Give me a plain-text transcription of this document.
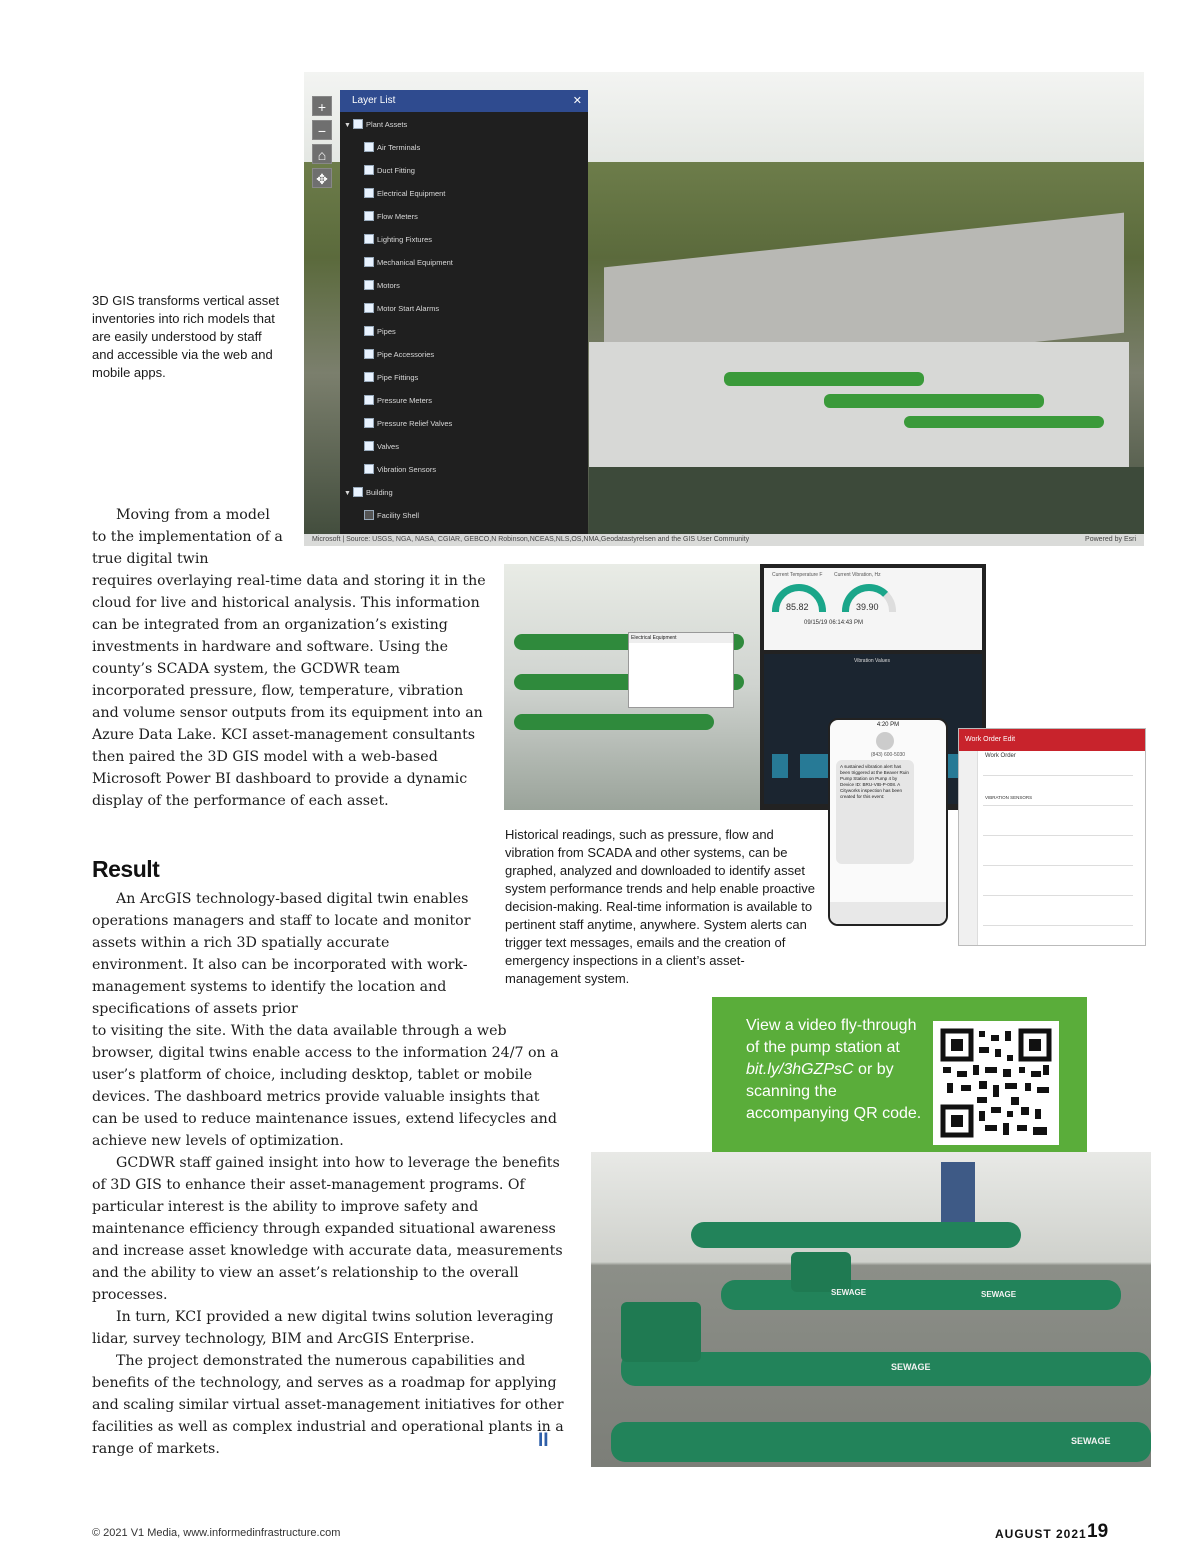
+
−
⌂
✥
Layer List	✕
▼ Plant Assets
Air Terminals
Duct Fitting
Electrical Equipment
Flow Meters
Lighting Fixtures
Mechanical Equipment
Motors
Motor Start Alarms
Pipes
Pipe Accessories
Pipe Fittings
Pressure Meters
Pressure Relief Valves
Valves
Vibration Sensors
▼ Building
Facility Shell
Microsoft | Source: USGS, NGA, NASA, CGIAR, GEBCO,N Robinson,NCEAS,NLS,OS,NMA,Geodatastyrelsen and the GIS User Community	Powered by Esri
3D GIS transforms vertical asset inventories into rich models that are easily understood by staff and accessible via the web and mobile apps.

Moving from a model to the implementation of a true digital twin

requires overlaying real-time data and storing it in the cloud for live and historical analysis. This information can be integrated from an organization’s existing investments in hardware and software. Using the county’s SCADA system, the GCDWR team incorporated pressure, flow, temperature, vibration and volume sensor outputs from its equipment into an Azure Data Lake. KCI asset-management consultants then paired the 3D GIS model with a web-based Microsoft Power BI dashboard to provide a dynamic display of the performance of each asset.

Result

An ArcGIS technology-based digital twin enables operations managers and staff to locate and monitor assets within a rich 3D spatially accurate environment. It also can be incorporated with work-management systems to identify the location and specifications of assets prior

to visiting the site. With the data available through a web browser, digital twins enable access to the information 24/7 on a user’s platform of choice, including desktop, tablet or mobile devices. The dashboard metrics provide valuable insights that can be used to reduce maintenance issues, extend lifecycles and achieve new levels of optimization.

GCDWR staff gained insight into how to leverage the benefits of 3D GIS to enhance their asset-management programs. Of particular interest is the ability to improve safety and maintenance efficiency through expanded situational awareness and increase asset knowledge with accurate data, measurements and the ability to view an asset’s relationship to the overall processes.

In turn, KCI provided a new digital twins solution leveraging lidar, survey technology, BIM and ArcGIS Enterprise.

The project demonstrated the numerous capabilities and benefits of the technology, and serves as a roadmap for applying and scaling similar virtual asset-management initiatives for other facilities as well as complex industrial and operational plants in a range of markets.	II
Electrical Equipment
Current Temperature F Current Vibration, Hz
85.82	39.90
09/15/19 06:14:43 PM
Vibration Values
4:20 PM
(843) 600-5030
A sustained vibration alert has been triggered at the Beaver Ruin Pump Station on Pump 4 by Device ID: BRU-VIB-P-008. A Cityworks inspection has been created for this event:
Work Order Edit
Work Order
VIBRATION SENSORS
Historical readings, such as pressure, flow and vibration from SCADA and other systems, can be graphed, analyzed and downloaded to identify asset system performance trends and help enable proactive decision-making. Real-time information is available to pertinent staff anytime, anywhere. System alerts can trigger text messages, emails and the creation of emergency inspections in a client’s asset-management system.
View a video fly-through of the pump station at bit.ly/3hGZPsC or by scanning the accompanying QR code.
SEWAGE	SEWAGE
SEWAGE
SEWAGE
© 2021 V1 Media, www.informedinfrastructure.com	AUGUST 2021 19
